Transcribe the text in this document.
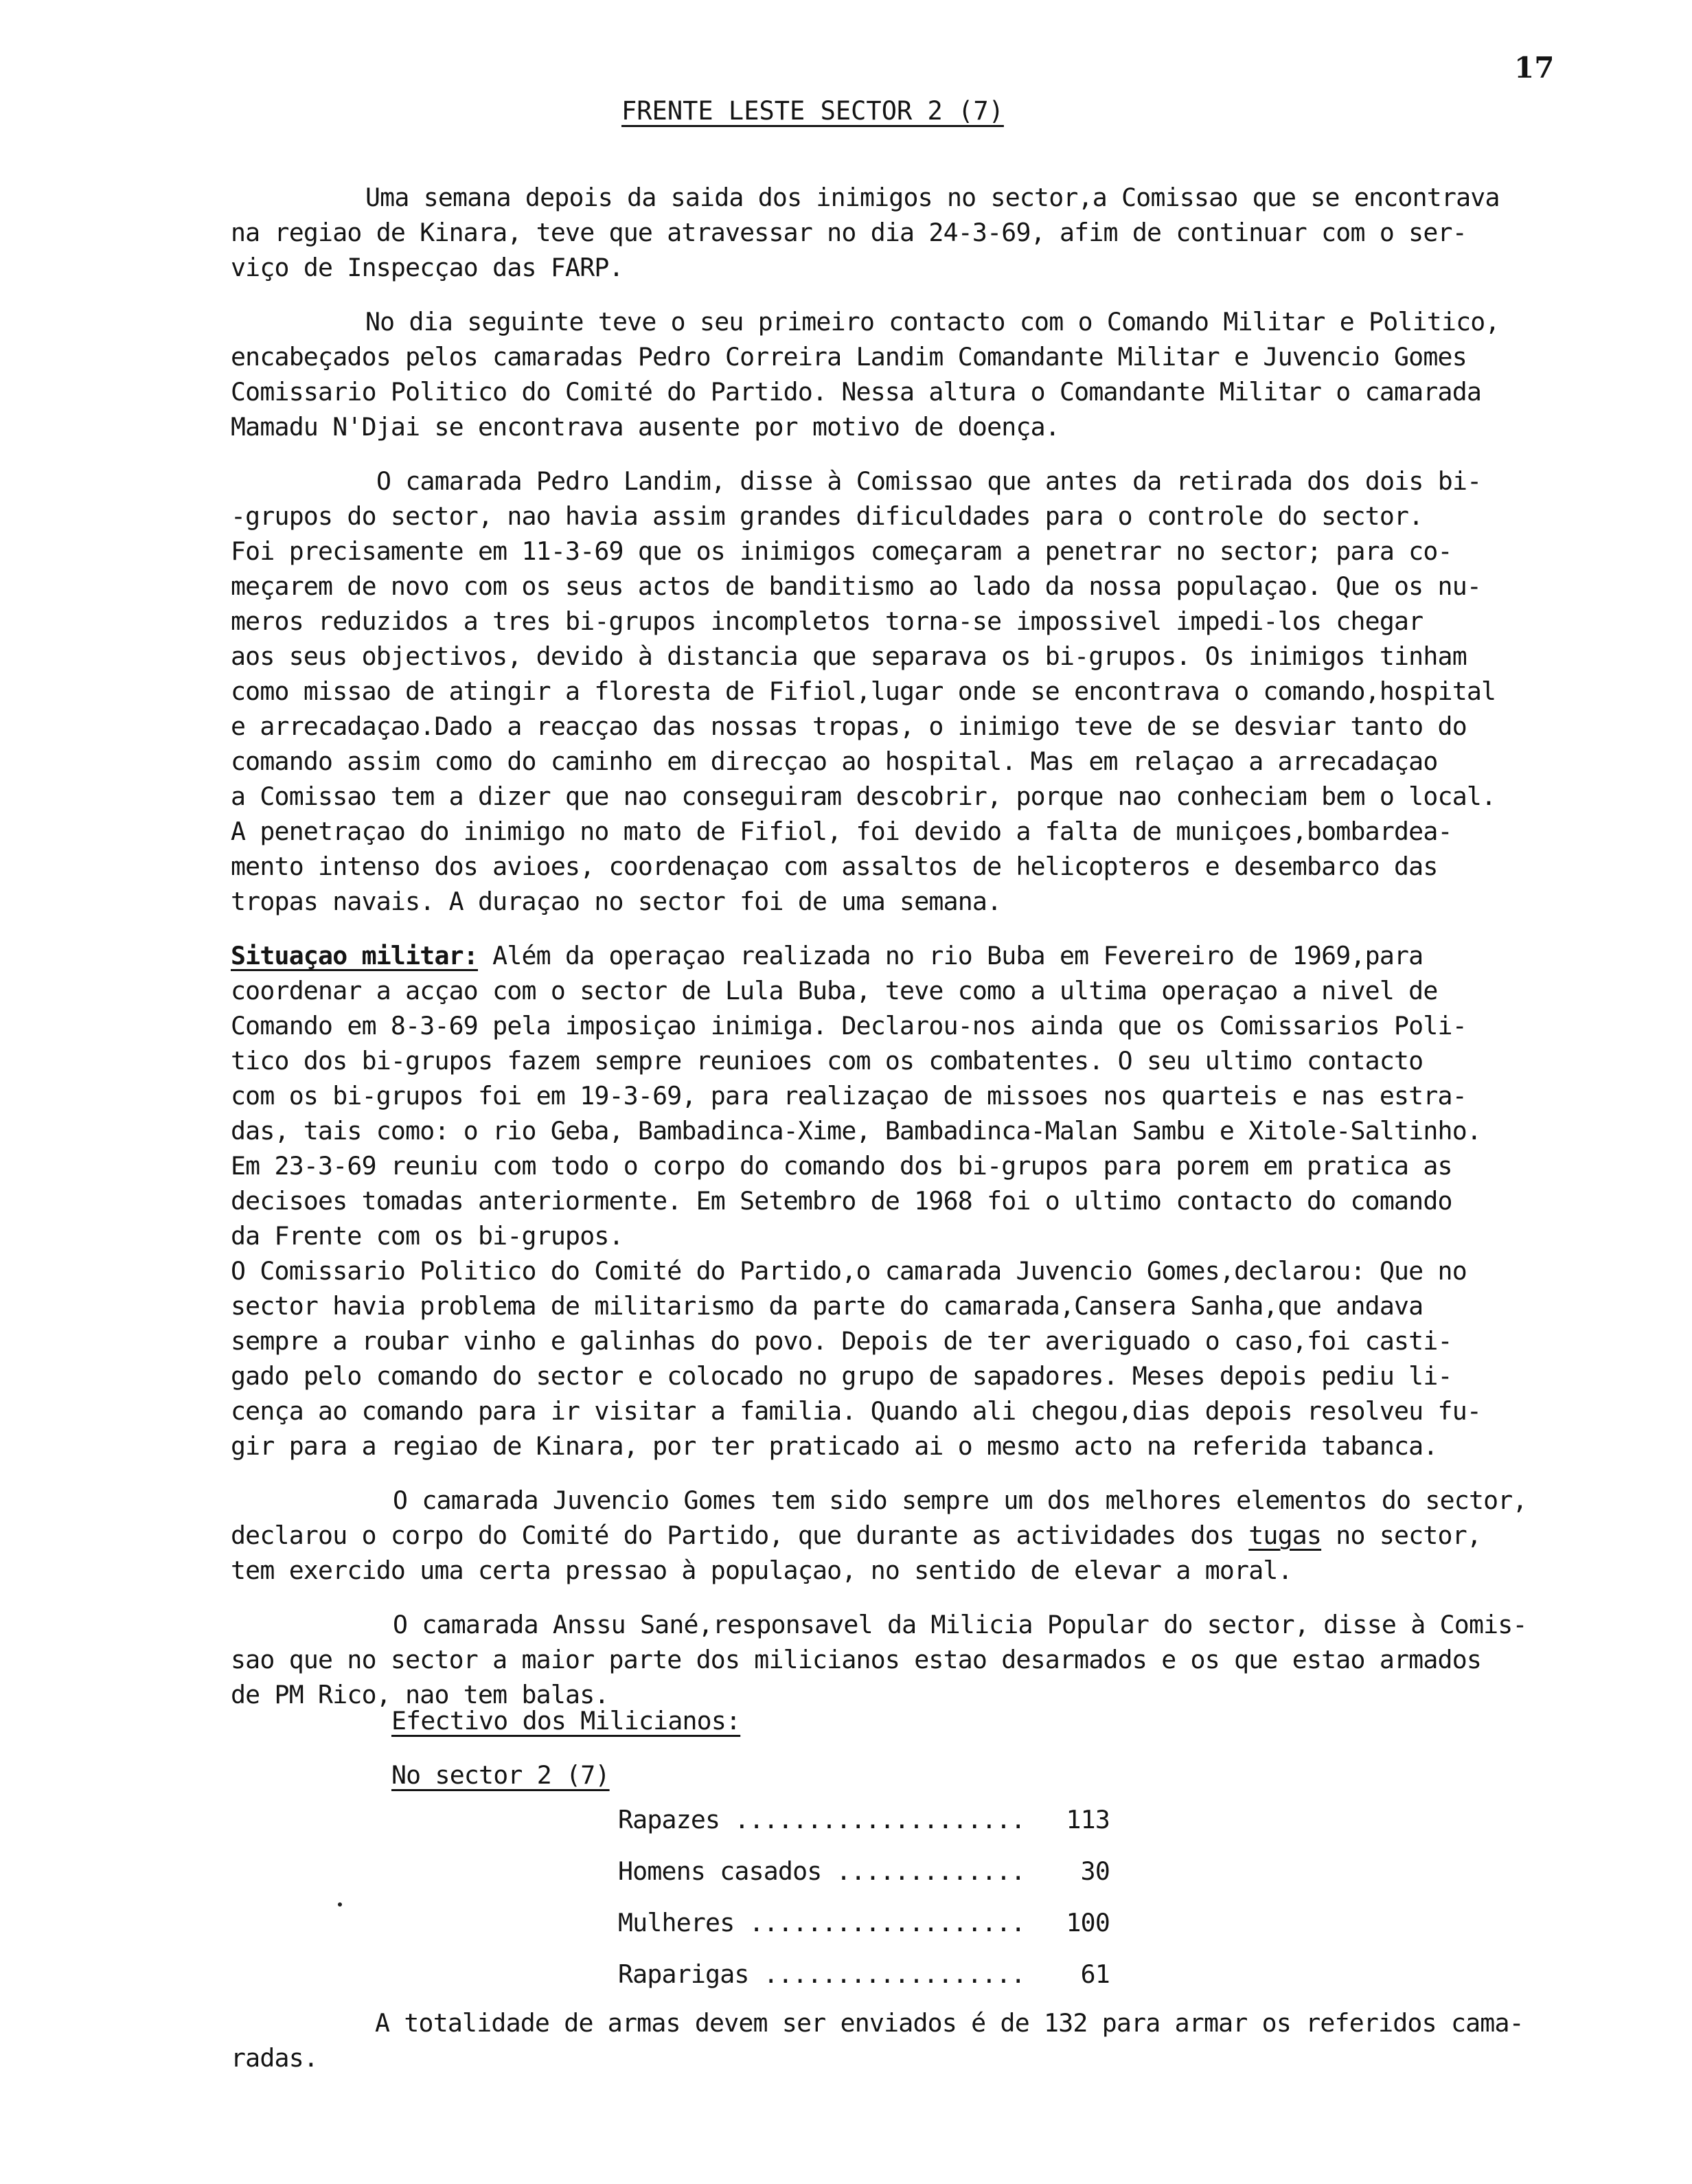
17
FRENTE LESTE SECTOR 2 (7)
Uma semana depois da saida dos inimigos no sector,a Comissao que se encontrava
na regiao de Kinara, teve que atravessar no dia 24-3-69, afim de continuar com o ser-
viço de Inspecçao das FARP.
No dia seguinte teve o seu primeiro contacto com o Comando Militar e Politico,
encabeçados pelos camaradas Pedro Correira Landim Comandante Militar e Juvencio Gomes
Comissario Politico do Comité do Partido. Nessa altura o Comandante Militar o camarada
Mamadu N'Djai se encontrava ausente por motivo de doença.
O camarada Pedro Landim, disse à Comissao que antes da retirada dos dois bi-
-grupos do sector, nao havia assim grandes dificuldades para o controle do sector.
Foi precisamente em 11-3-69 que os inimigos começaram a penetrar no sector; para co-
meçarem de novo com os seus actos de banditismo ao lado da nossa populaçao. Que os nu-
meros reduzidos a tres bi-grupos incompletos torna-se impossivel impedi-los chegar
aos seus objectivos, devido à distancia que separava os bi-grupos. Os inimigos tinham
como missao de atingir a floresta de Fifiol,lugar onde se encontrava o comando,hospital
e arrecadaçao.Dado a reacçao das nossas tropas, o inimigo teve de se desviar tanto do
comando assim como do caminho em direcçao ao hospital. Mas em relaçao a arrecadaçao
a Comissao tem a dizer que nao conseguiram descobrir, porque nao conheciam bem o local.
A penetraçao do inimigo no mato de Fifiol, foi devido a falta de muniçoes,bombardea-
mento intenso dos avioes, coordenaçao com assaltos de helicopteros e desembarco das
tropas navais. A duraçao no sector foi de uma semana.
Situaçao militar: Além da operaçao realizada no rio Buba em Fevereiro de 1969,para
coordenar a acçao com o sector de Lula Buba, teve como a ultima operaçao a nivel de
Comando em 8-3-69 pela imposiçao inimiga. Declarou-nos ainda que os Comissarios Poli-
tico dos bi-grupos fazem sempre reunioes com os combatentes. O seu ultimo contacto
com os bi-grupos foi em 19-3-69, para realizaçao de missoes nos quarteis e nas estra-
das, tais como: o rio Geba, Bambadinca-Xime, Bambadinca-Malan Sambu e Xitole-Saltinho.
Em 23-3-69 reuniu com todo o corpo do comando dos bi-grupos para porem em pratica as
decisoes tomadas anteriormente. Em Setembro de 1968 foi o ultimo contacto do comando
da Frente com os bi-grupos.
O Comissario Politico do Comité do Partido,o camarada Juvencio Gomes,declarou: Que no
sector havia problema de militarismo da parte do camarada,Cansera Sanha,que andava
sempre a roubar vinho e galinhas do povo. Depois de ter averiguado o caso,foi casti-
gado pelo comando do sector e colocado no grupo de sapadores. Meses depois pediu li-
cença ao comando para ir visitar a familia. Quando ali chegou,dias depois resolveu fu-
gir para a regiao de Kinara, por ter praticado ai o mesmo acto na referida tabanca.
O camarada Juvencio Gomes tem sido sempre um dos melhores elementos do sector,
declarou o corpo do Comité do Partido, que durante as actividades dos tugas no sector,
tem exercido uma certa pressao à populaçao, no sentido de elevar a moral.
O camarada Anssu Sané,responsavel da Milicia Popular do sector, disse à Comis-
sao que no sector a maior parte dos milicianos estao desarmados e os que estao armados
de PM Rico, nao tem balas.
Efectivo dos Milicianos:
No sector 2 (7)
Rapazes .................... 113
Homens casados ............. 30
Mulheres ................... 100
Raparigas .................. 61
A totalidade de armas devem ser enviados é de 132 para armar os referidos cama-
radas.
